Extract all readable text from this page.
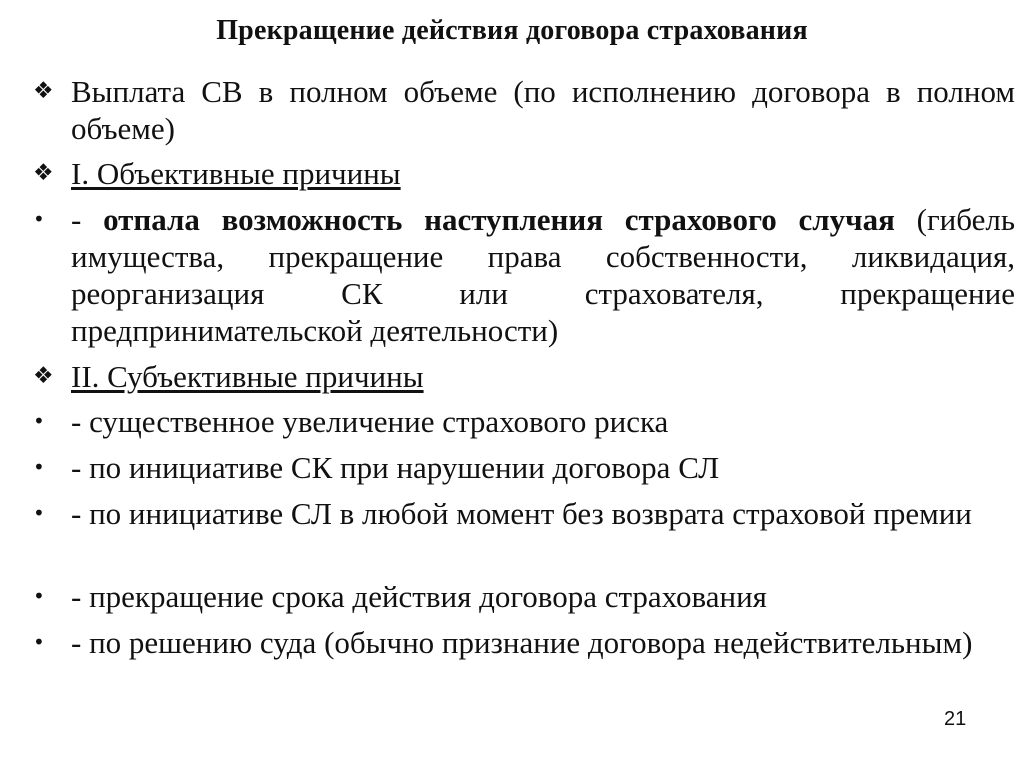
Прекращение действия договора страхования
❖ Выплата СВ в полном объеме (по исполнению договора в полном объеме)
❖ I. Объективные причины
• - отпала возможность наступления страхового случая (гибель имущества, прекращение права собственности, ликвидация, реорганизация СК или страхователя, прекращение предпринимательской деятельности)
❖ II. Субъективные причины
• - существенное увеличение страхового риска
• - по инициативе СК при нарушении договора СЛ
• - по инициативе СЛ в любой момент без возврата страховой премии
• - прекращение срока действия договора страхования
• - по решению суда (обычно признание договора недействительным)
21
